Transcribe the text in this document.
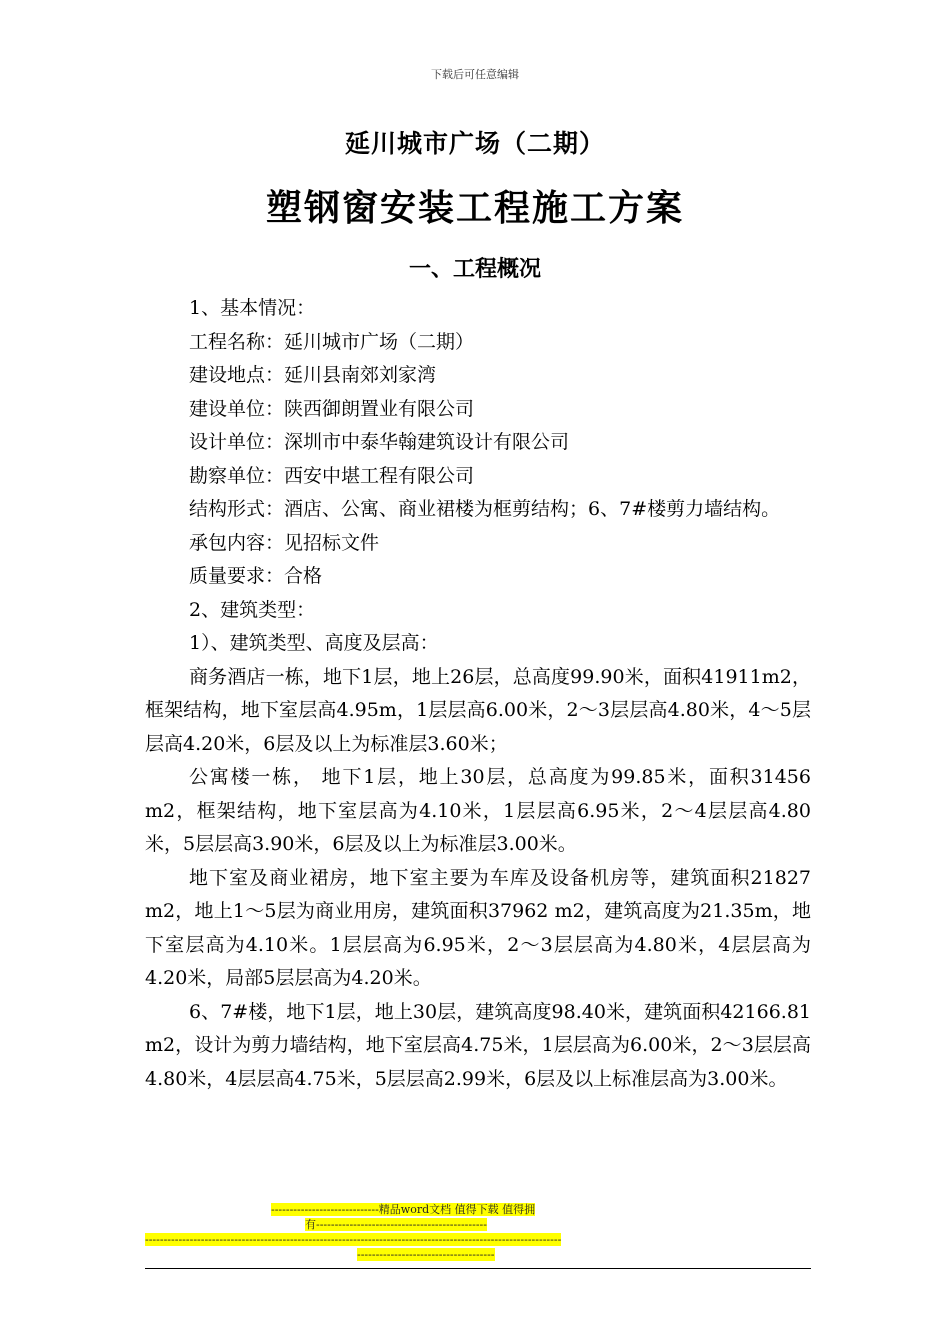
下载后可任意编辑
延川城市广场（二期）
塑钢窗安装工程施工方案
一、工程概况
1、基本情况：
工程名称： 延川城市广场（二期）
建设地点： 延川县南郊刘家湾
建设单位： 陕西御朗置业有限公司
设计单位： 深圳市中泰华翰建筑设计有限公司
勘察单位： 西安中堪工程有限公司
结构形式： 酒店、公寓、商业裙楼为框剪结构；6、7#楼剪力墙结构。
承包内容： 见招标文件
质量要求： 合格
2、建筑类型：
1）、建筑类型、高度及层高：
商务酒店一栋，地下1层，地上26层，总高度99.90米，面积41911m2，框架结构，地下室层高4.95m，1层层高6.00米，2～3层层高4.80米，4～5层层高4.20米，6层及以上为标准层3.60米；
公寓楼一栋， 地下1层，地上30层，总高度为99.85米，面积31456 m2，框架结构，地下室层高为4.10米，1层层高6.95米，2～4层层高4.80米，5层层高3.90米，6层及以上为标准层3.00米。
地下室及商业裙房，地下室主要为车库及设备机房等，建筑面积21827 m2，地上1～5层为商业用房，建筑面积37962 m2，建筑高度为21.35m，地下室层高为4.10米。1层层高为6.95米，2～3层层高为4.80米，4层层高为4.20米，局部5层层高为4.20米。
6、7#楼，地下1层，地上30层，建筑高度98.40米，建筑面积42166.81 m2，设计为剪力墙结构，地下室层高4.75米，1层层高为6.00米，2～3层层高4.80米，4层层高4.75米，5层层高2.99米，6层及以上标准层高为3.00米。
-----------------------------精品word文档 值得下载 值得拥
有----------------------------------------------
----------------------------------------------------------------------------------------------------------------
-------------------------------------
